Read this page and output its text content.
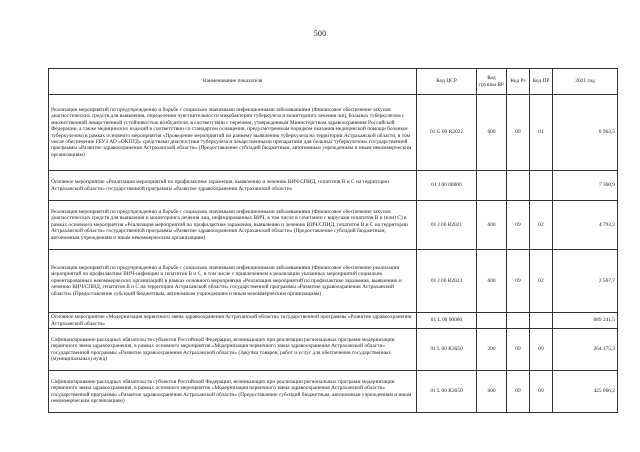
500
Наименование показателя	Код ЦСР	Код группы ВР	Код Рз	Код ПР	2021 год
Реализация мероприятий по предупреждению и борьбе с социально значимыми инфекционными заболеваниями (Финансовое обеспечение закупок диагностических средств для выявления, определения чувствительности микобактерии туберкулеза и мониторинга лечения лиц, больных туберкулезом с множественной лекарственной устойчивостью возбудителя, в соответствии с перечнем, утвержденным Министерством здравоохранения Российской Федерации, а также медицинских изделий в соответствии со стандартом оснащения, предусмотренным порядком оказания медицинской помощи больным туберкулезом) в рамках основного мероприятия «Проведение мероприятий по раннему выявлению туберкулеза на территории Астраханской области, в том числе обеспечение ГБУЗ АО «ОКПТД» средствами диагностики туберкулеза и лекарственными препаратами для больных туберкулезом» государственной программы «Развитие здравоохранения Астраханской области» (Предоставление субсидий бюджетным, автономным учреждениям и иным некоммерческим организациям)	01 G 00 R2022	600	09	01	8 963,5
Основное мероприятие «Реализация мероприятий по профилактике заражения, выявлению и лечению ВИЧ/СПИД, гепатитов В и С на территории Астраханской области» государственной программы «Развитие здравоохранения Астраханской области»	01 J 00 00000				7 360,9
Реализация мероприятий по предупреждению и борьбе с социально значимыми инфекционными заболеваниями (Финансовое обеспечение закупок диагностических средств для выявления и мониторинга лечения лиц, инфицированных ВИЧ, в том числе в сочетании с вирусами гепатитов В и (или) С) в рамках основного мероприятия «Реализация мероприятий по профилактике заражения, выявлению и лечению ВИЧ/СПИД, гепатитов В и С на территории Астраханской области» государственной программы «Развитие здравоохранения Астраханской области» (Предоставление субсидий бюджетным, автономным учреждениям и иным некоммерческим организациям)	01 J 00 R2021	600	09	02	4 793,2
Реализация мероприятий по предупреждению и борьбе с социально значимыми инфекционными заболеваниями (Финансовое обеспечение реализации мероприятий по профилактике ВИЧ-инфекции и гепатитов В и С, в том числе с привлечением к реализации указанных мероприятий социально ориентированных некоммерческих организаций) в рамках основного мероприятия «Реализация мероприятий по профилактике заражения, выявлению и лечению ВИЧ/СПИД, гепатитов В и С на территории Астраханской области» государственной программы «Развитие здравоохранения Астраханской области» (Предоставление субсидий бюджетным, автономным учреждениям и иным некоммерческим организациям)	01 J 00 R2023	600	09	02	2 567,7
Основное мероприятие «Модернизация первичного звена здравоохранения Астраханской области» государственной программы «Развитие здравоохранения Астраханской области»	01 L 00 00000				689 241,5
Софинансирование расходных обязательств субъектов Российской Федерации, возникающих при реализации региональных программ модернизации первичного звена здравоохранения, в рамках основного мероприятия «Модернизация первичного звена здравоохранения Астраханской области» государственной программы «Развитие здравоохранения Астраханской области» (Закупка товаров, работ и услуг для обеспечения государственных (муниципальных) нужд)	01 L 00 R3650	200	09	09	264 175,3
Софинансирование расходных обязательств субъектов Российской Федерации, возникающих при реализации региональных программ модернизации первичного звена здравоохранения, в рамках основного мероприятия «Модернизация первичного звена здравоохранения Астраханской области» государственной программы «Развитие здравоохранения Астраханской области» (Предоставление субсидий бюджетным, автономным учреждениям и иным некоммерческим организациям)	01 L 00 R3650	600	09	09	425 066,2
